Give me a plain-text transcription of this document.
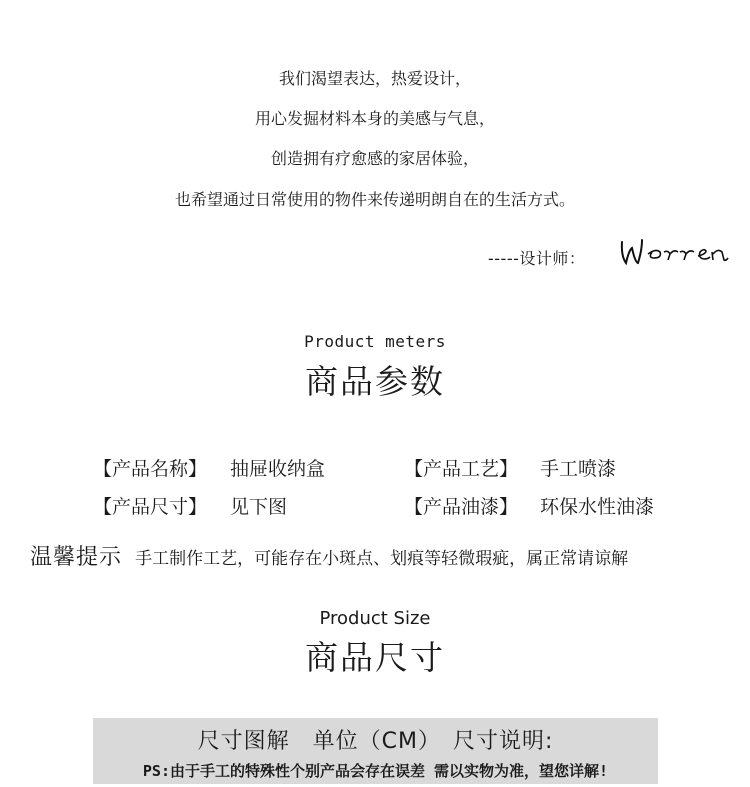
我们渴望表达，热爱设计，

用心发掘材料本身的美感与气息，

创造拥有疗愈感的家居体验，

也希望通过日常使用的物件来传递明朗自在的生活方式。

-----设计师：
Product meters
商品参数
【产品名称】 抽屉收纳盒	【产品工艺】 手工喷漆
【产品尺寸】 见下图	【产品油漆】 环保水性油漆
温馨提示 手工制作工艺，可能存在小斑点、划痕等轻微瑕疵，属正常请谅解
Product Size
商品尺寸
尺寸图解　单位（CM）　尺寸说明:
PS:由于手工的特殊性个别产品会存在误差 需以实物为准，望您详解!
